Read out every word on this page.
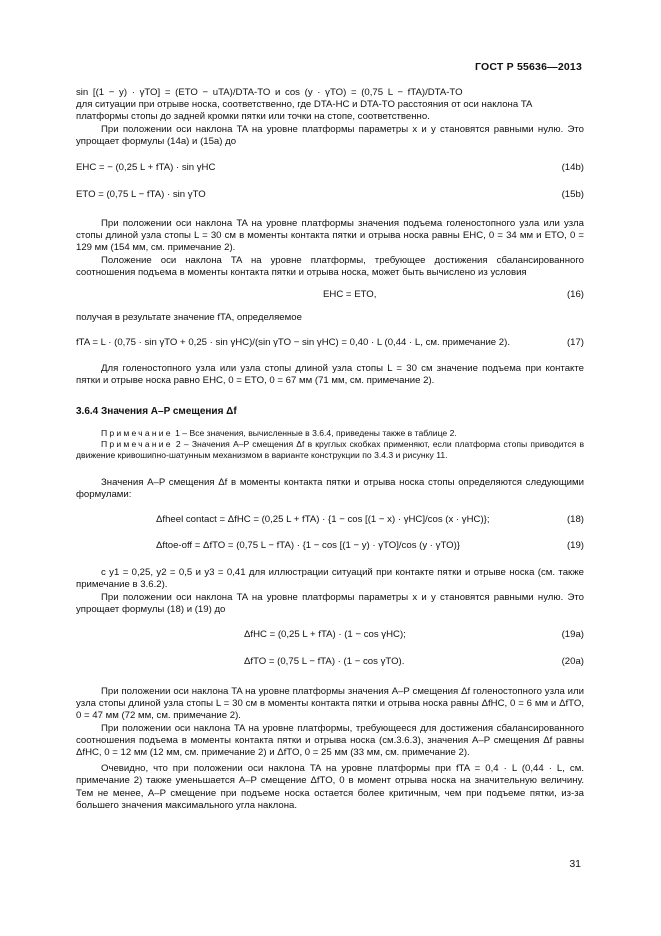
ГОСТ Р 55636—2013

sin [(1 − y) · γTO] = (ETO − uTA)/DTA-TO и cos (y · γTO) = (0,75 L − fTA)/DTA-TO

для ситуации при отрыве носка, соответственно, где DTA-HC и DTA-TO расстояния от оси наклона TA

платформы стопы до задней кромки пятки или точки на стопе, соответственно.

При положении оси наклона TA на уровне платформы параметры x и y становятся равными нулю. Это упрощает формулы (14a) и (15a) до

EHC = − (0,25 L + fTA) · sin γHC	(14b)
ETO = (0,75 L − fTA) · sin γTO	(15b)

При положении оси наклона TA на уровне платформы значения подъема голеностопного узла или узла стопы длиной узла стопы L = 30 см в моменты контакта пятки и отрыва носка равны EHC, 0 = 34 мм и ETO, 0 = 129 мм (154 мм, см. примечание 2).

Положение оси наклона TA на уровне платформы, требующее достижения сбалансированного соотношения подъема в моменты контакта пятки и отрыва носка, может быть вычислено из условия

EHC = ETO,	(16)

получая в результате значение fTA, определяемое

fTA = L · (0,75 · sin γTO + 0,25 · sin γHC)/(sin γTO − sin γHC) = 0,40 · L (0,44 · L, см. примечание 2).	(17)

Для голеностопного узла или узла стопы длиной узла стопы L = 30 см значение подъема при контакте пятки и отрыве носка равно EHC, 0 = ETO, 0 = 67 мм (71 мм, см. примечание 2).

3.6.4 Значения A–P смещения Δf

Примечание 1 – Все значения, вычисленные в 3.6.4, приведены также в таблице 2.

Примечание 2 – Значения A–P смещения Δf в круглых скобках применяют, если платформа стопы приводится в движение кривошипно-шатунным механизмом в варианте конструкции по 3.4.3 и рисунку 11.

Значения A–P смещения Δf в моменты контакта пятки и отрыва носка стопы определяются следующими формулами:

Δfheel contact = ΔfHC = (0,25 L + fTA) · {1 − cos [(1 − x) · γHC]/cos (x · γHC)};	(18)
Δftoe-off = ΔfTO = (0,75 L − fTA) · {1 − cos [(1 − y) · γTO]/cos (y · γTO)}	(19)

с y1 = 0,25, y2 = 0,5 и y3 = 0,41 для иллюстрации ситуаций при контакте пятки и отрыве носка (см. также примечание в 3.6.2).

При положении оси наклона TA на уровне платформы параметры x и y становятся равными нулю. Это упрощает формулы (18) и (19) до

ΔfHC = (0,25 L + fTA) · (1 − cos γHC);	(19a)
ΔfTO = (0,75 L − fTA) · (1 − cos γTO).	(20a)

При положении оси наклона TA на уровне платформы значения A–P смещения Δf голеностопного узла или узла стопы длиной узла стопы L = 30 см в моменты контакта пятки и отрыва носка равны ΔfHC, 0 = 6 мм и ΔfTO, 0 = 47 мм (72 мм, см. примечание 2).

При положении оси наклона TA на уровне платформы, требующееся для достижения сбалансированного соотношения подъема в моменты контакта пятки и отрыва носка (см.3.6.3), значения A–P смещения Δf равны ΔfHC, 0 = 12 мм (12 мм, см. примечание 2) и ΔfTO, 0 = 25 мм (33 мм, см. примечание 2).

Очевидно, что при положении оси наклона TA на уровне платформы при fTA = 0,4 · L (0,44 · L, см. примечание 2) также уменьшается A–P смещение ΔfTO, 0 в момент отрыва носка на значительную величину. Тем не менее, A–P смещение при подъеме носка остается более критичным, чем при подъеме пятки, из-за большего значения максимального угла наклона.

31
